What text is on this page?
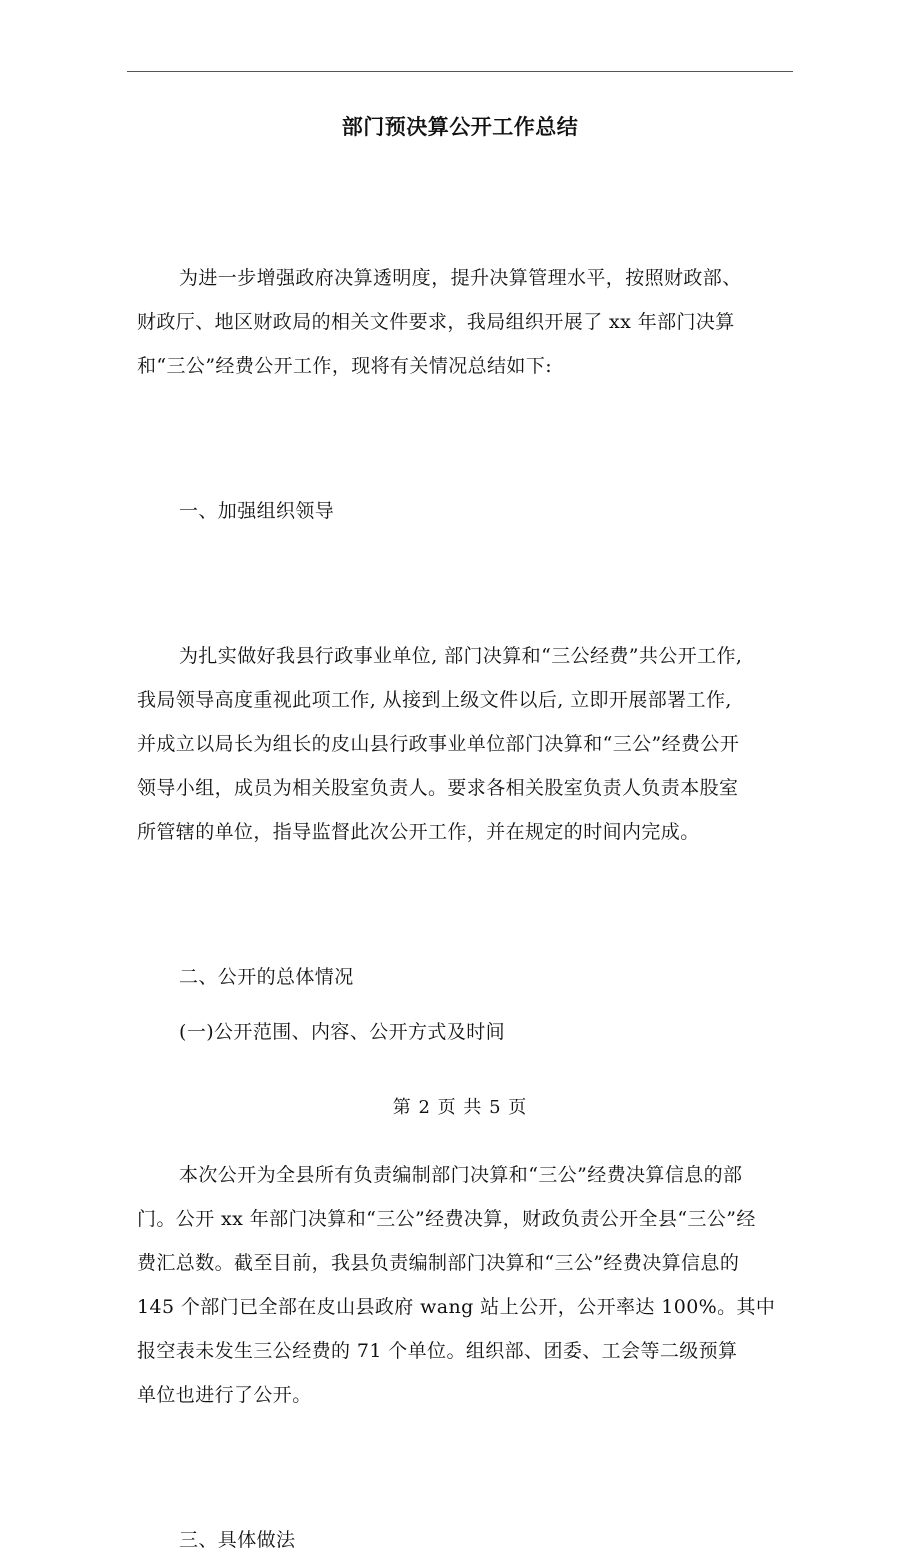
部门预决算公开工作总结

为进一步增强政府决算透明度，提升决算管理水平，按照财政部、
财政厅、地区财政局的相关文件要求，我局组织开展了 xx 年部门决算
和“三公”经费公开工作，现将有关情况总结如下:

一、加强组织领导

为扎实做好我县行政事业单位, 部门决算和“三公经费”共公开工作,
我局领导高度重视此项工作, 从接到上级文件以后, 立即开展部署工作,
并成立以局长为组长的皮山县行政事业单位部门决算和“三公”经费公开
领导小组，成员为相关股室负责人。要求各相关股室负责人负责本股室
所管辖的单位，指导监督此次公开工作，并在规定的时间内完成。

二、公开的总体情况

(一)公开范围、内容、公开方式及时间

本次公开为全县所有负责编制部门决算和“三公”经费决算信息的部
门。公开 xx 年部门决算和“三公”经费决算，财政负责公开全县“三公”经
费汇总数。截至目前，我县负责编制部门决算和“三公”经费决算信息的
145 个部门已全部在皮山县政府 wang 站上公开，公开率达 100%。其中
报空表未发生三公经费的 71 个单位。组织部、团委、工会等二级预算
单位也进行了公开。

三、具体做法

第 2 页 共 5 页
